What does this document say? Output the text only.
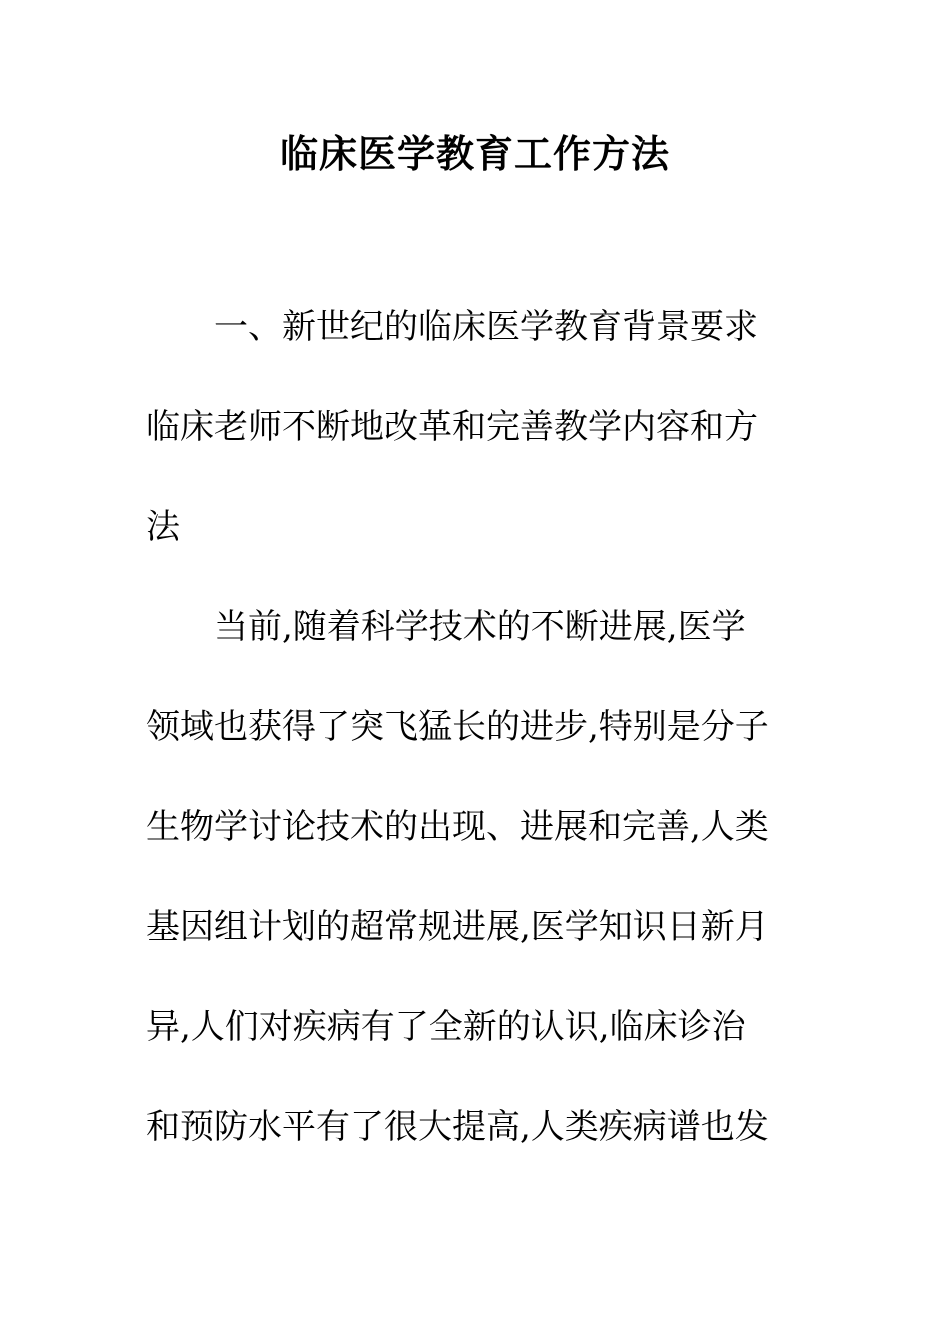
临床医学教育工作方法
一、新世纪的临床医学教育背景要求
临床老师不断地改革和完善教学内容和方
法
当前,随着科学技术的不断进展,医学
领域也获得了突飞猛长的进步,特别是分子
生物学讨论技术的出现、进展和完善,人类
基因组计划的超常规进展,医学知识日新月
异,人们对疾病有了全新的认识,临床诊治
和预防水平有了很大提高,人类疾病谱也发
